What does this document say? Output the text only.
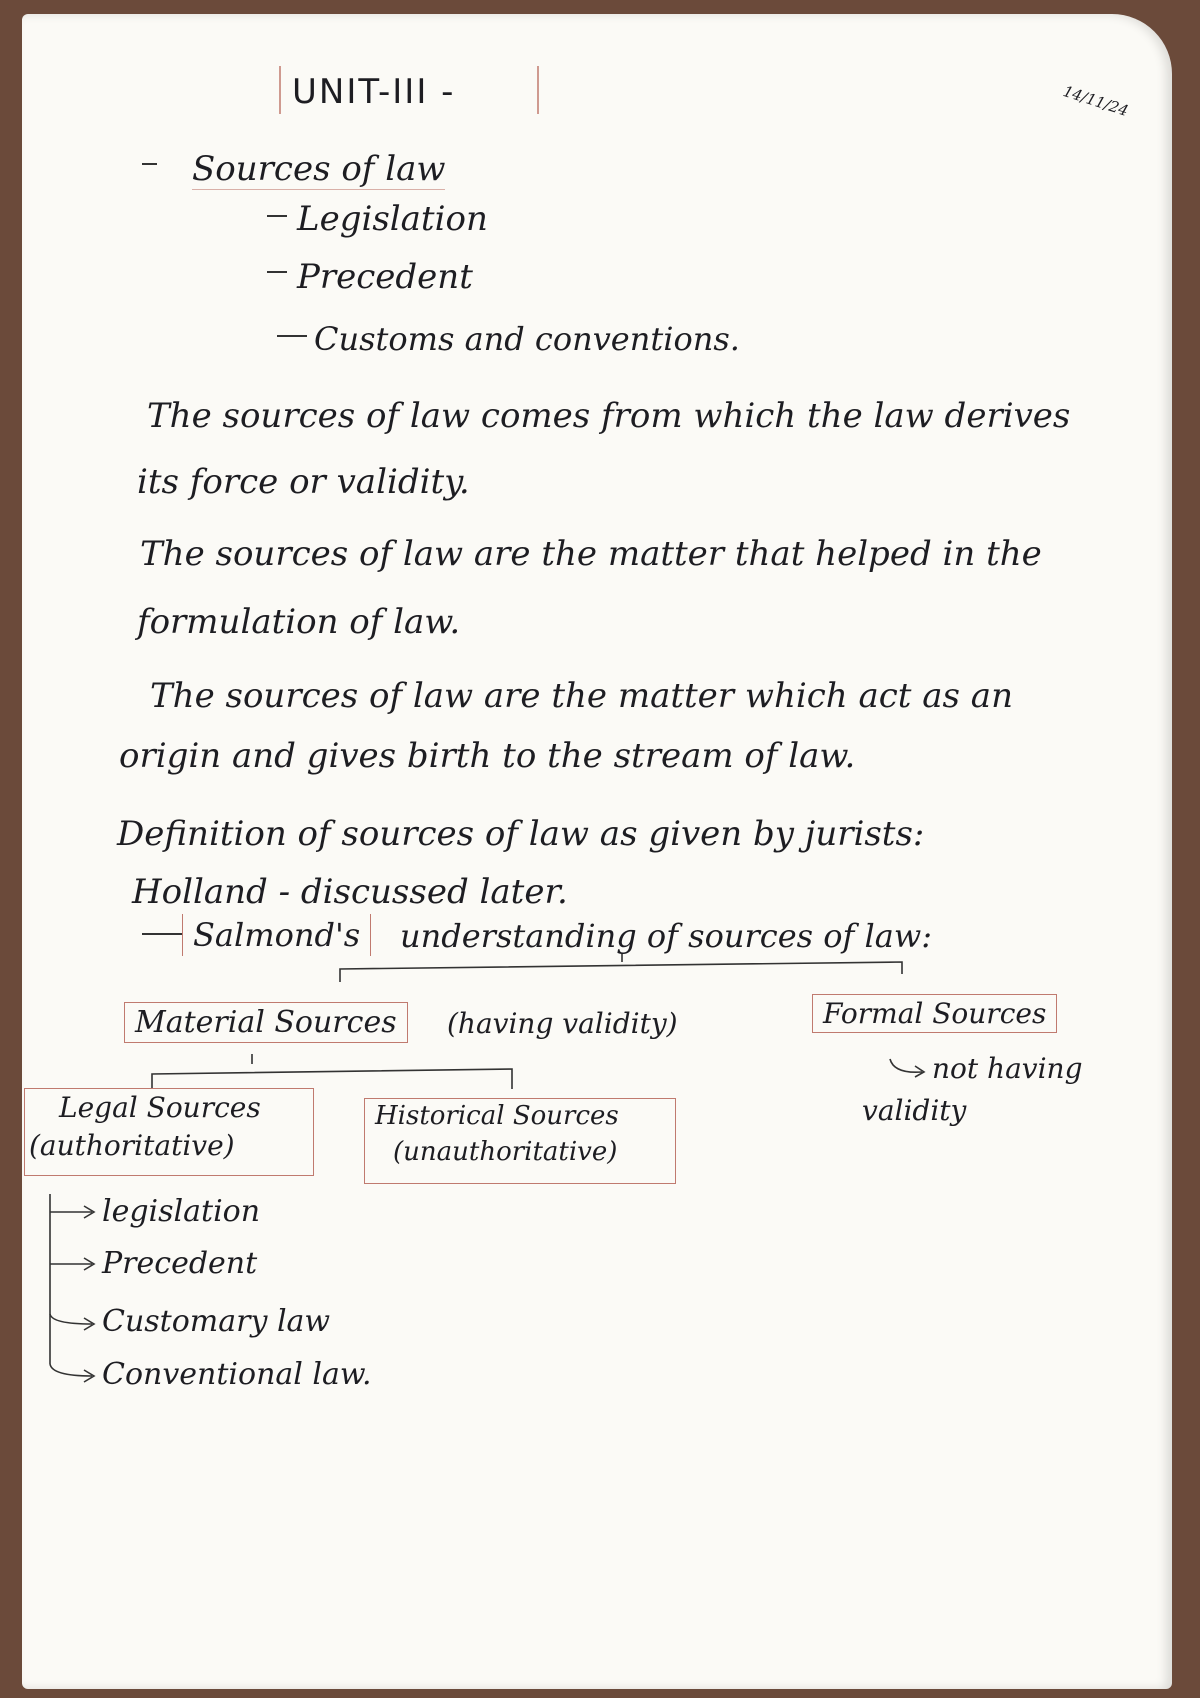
UNIT-III -	14/11/24
Sources of law
Legislation
Precedent
Customs and conventions.
The sources of law comes from which the law derives
its force or validity.
The sources of law are the matter that helped in the
formulation of law.
The sources of law are the matter which act as an
origin and gives birth to the stream of law.
Definition of sources of law as given by jurists:
Holland - discussed later.
Salmond's	understanding of sources of law:
Material Sources	(having validity)	Formal Sources
not having
validity
Legal Sources
(authoritative)
Historical Sources
(unauthoritative)
legislation
Precedent
Customary law
Conventional law.
